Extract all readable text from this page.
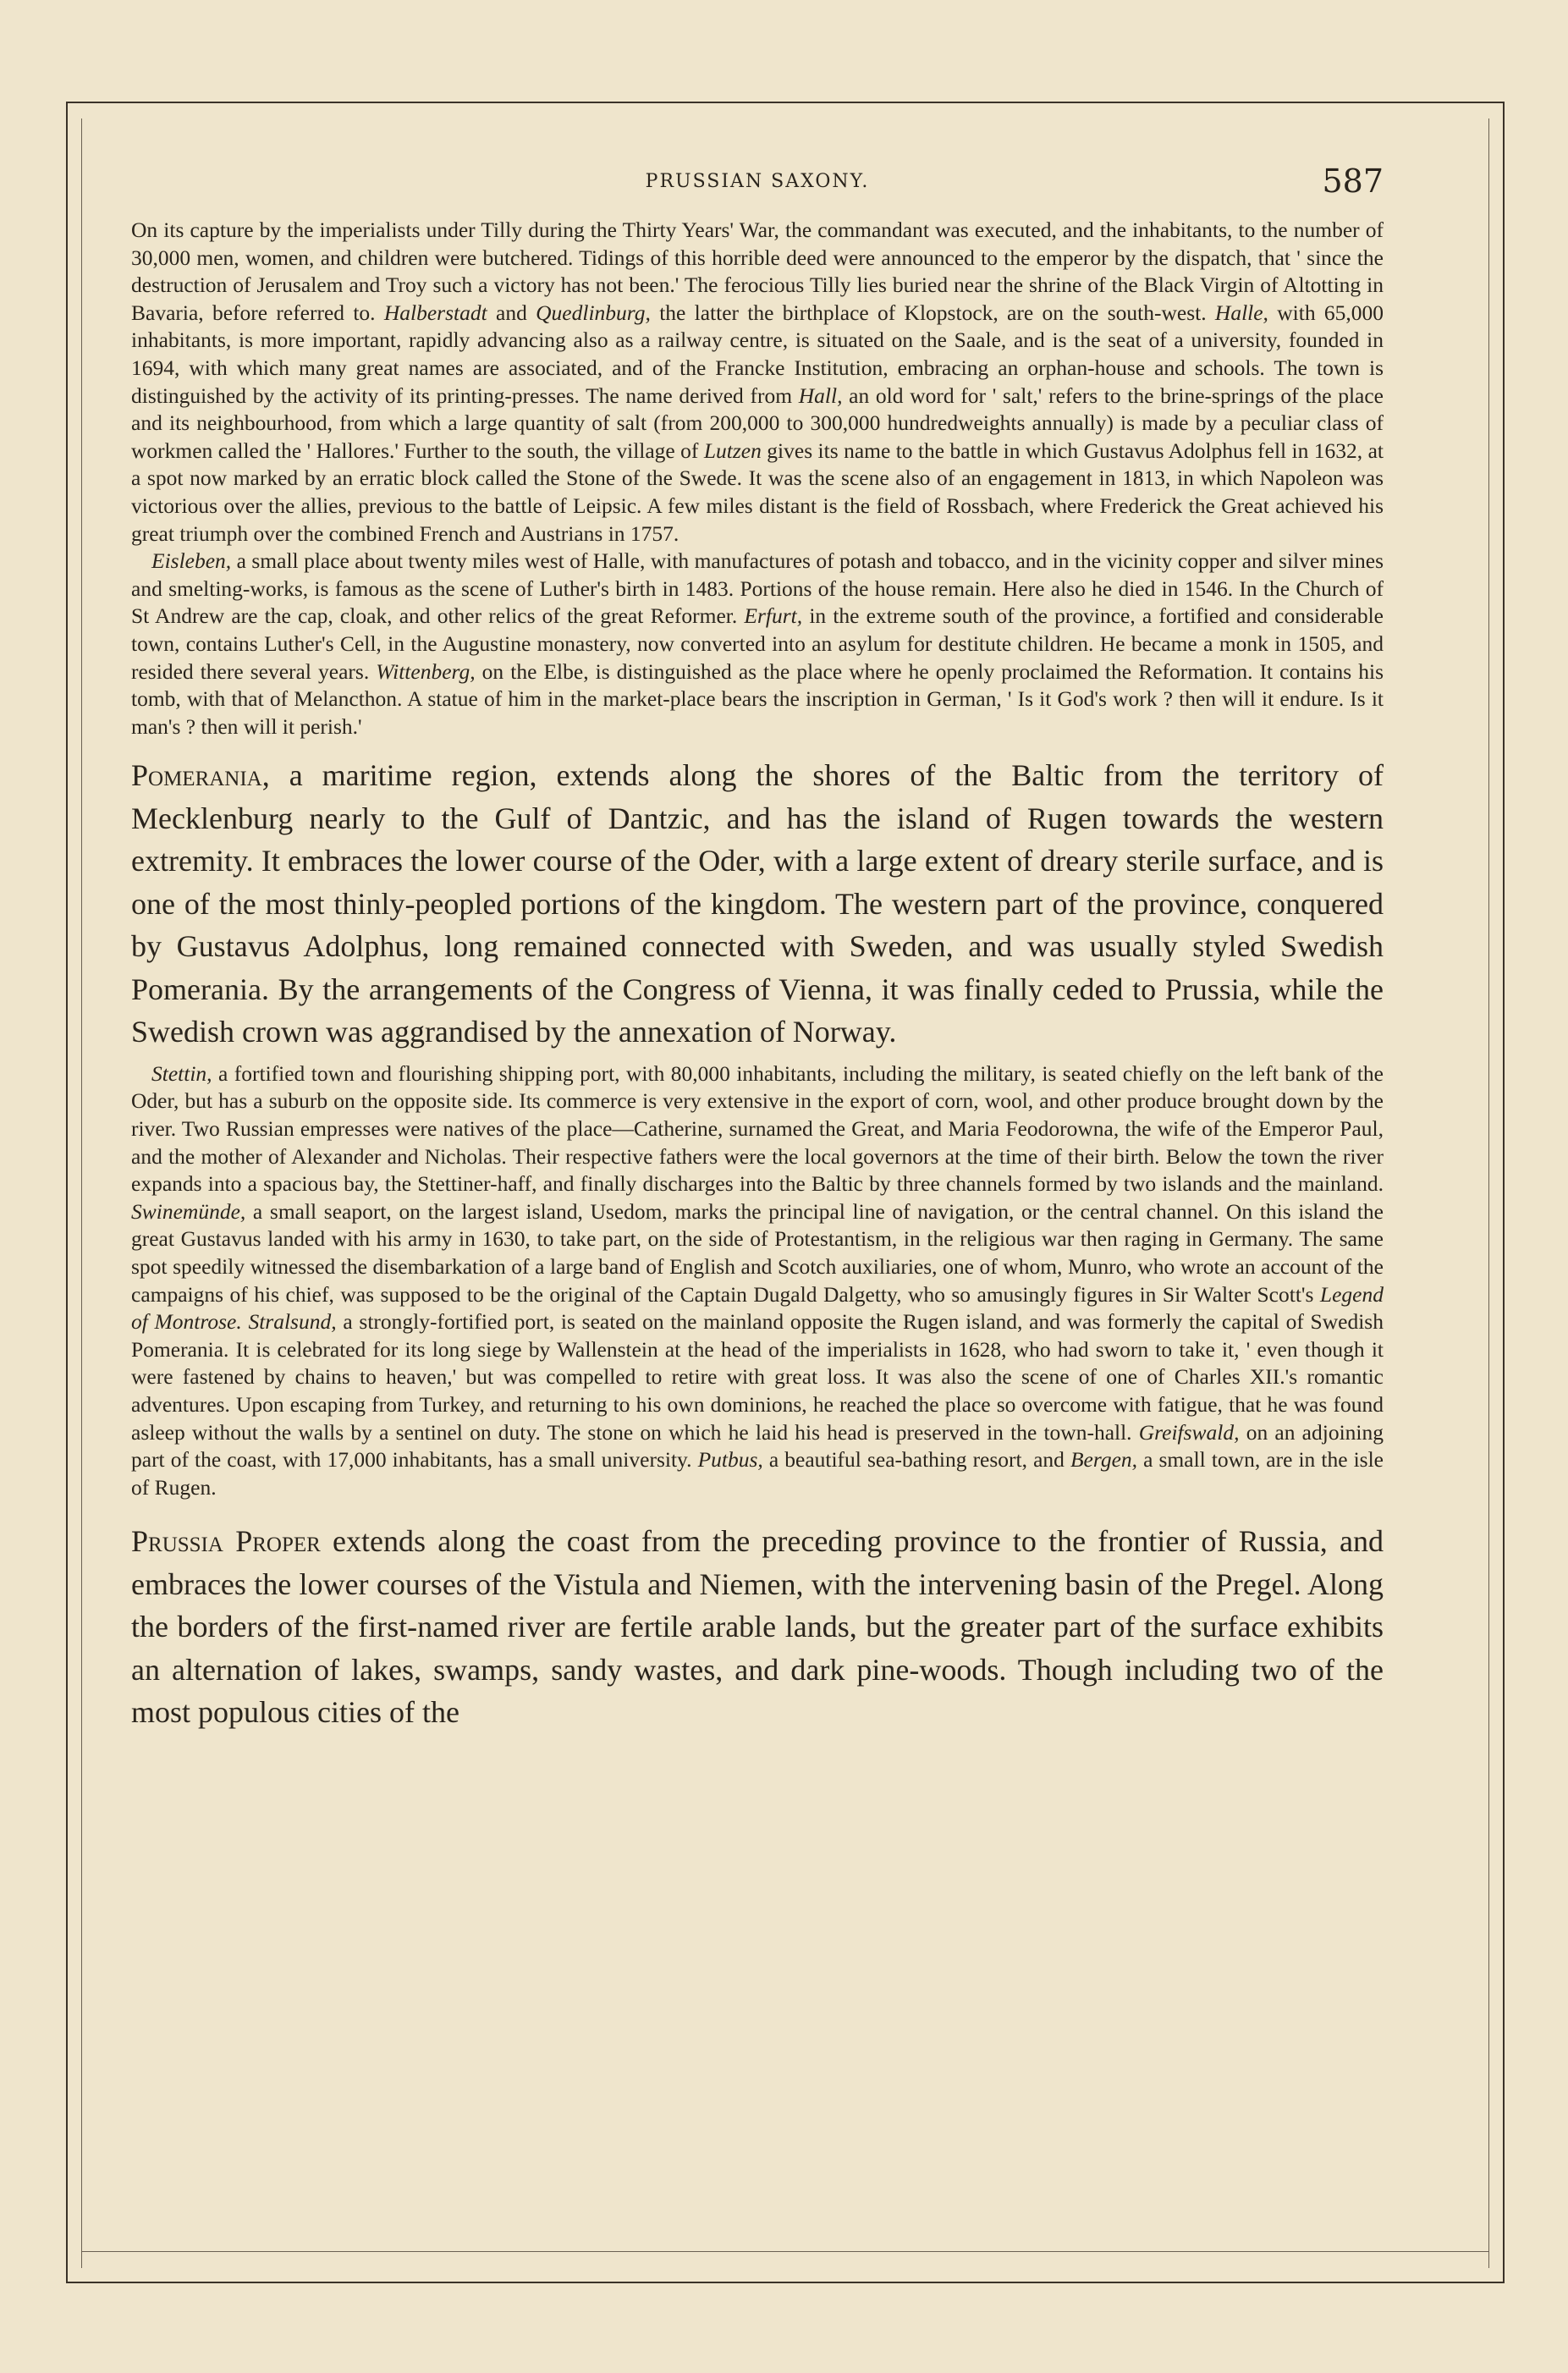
PRUSSIAN SAXONY.	587

On its capture by the imperialists under Tilly during the Thirty Years' War, the commandant was executed, and the inhabitants, to the number of 30,000 men, women, and children were butchered. Tidings of this horrible deed were announced to the emperor by the dispatch, that ' since the destruction of Jerusalem and Troy such a victory has not been.' The ferocious Tilly lies buried near the shrine of the Black Virgin of Altotting in Bavaria, before referred to. Halberstadt and Quedlinburg, the latter the birthplace of Klopstock, are on the south-west. Halle, with 65,000 inhabitants, is more important, rapidly advancing also as a railway centre, is situated on the Saale, and is the seat of a university, founded in 1694, with which many great names are associated, and of the Francke Institution, embracing an orphan-house and schools. The town is distinguished by the activity of its printing-presses. The name derived from Hall, an old word for ' salt,' refers to the brine-springs of the place and its neighbourhood, from which a large quantity of salt (from 200,000 to 300,000 hundredweights annually) is made by a peculiar class of workmen called the ' Hallores.' Further to the south, the village of Lutzen gives its name to the battle in which Gustavus Adolphus fell in 1632, at a spot now marked by an erratic block called the Stone of the Swede. It was the scene also of an engagement in 1813, in which Napoleon was victorious over the allies, previous to the battle of Leipsic. A few miles distant is the field of Rossbach, where Frederick the Great achieved his great triumph over the combined French and Austrians in 1757.

Eisleben, a small place about twenty miles west of Halle, with manufactures of potash and tobacco, and in the vicinity copper and silver mines and smelting-works, is famous as the scene of Luther's birth in 1483. Portions of the house remain. Here also he died in 1546. In the Church of St Andrew are the cap, cloak, and other relics of the great Reformer. Erfurt, in the extreme south of the province, a fortified and considerable town, contains Luther's Cell, in the Augustine monastery, now converted into an asylum for destitute children. He became a monk in 1505, and resided there several years. Wittenberg, on the Elbe, is distinguished as the place where he openly proclaimed the Reformation. It contains his tomb, with that of Melancthon. A statue of him in the market-place bears the inscription in German, ' Is it God's work ? then will it endure. Is it man's ? then will it perish.'

Pomerania, a maritime region, extends along the shores of the Baltic from the territory of Mecklenburg nearly to the Gulf of Dantzic, and has the island of Rugen towards the western extremity. It embraces the lower course of the Oder, with a large extent of dreary sterile surface, and is one of the most thinly-peopled portions of the kingdom. The western part of the province, conquered by Gustavus Adolphus, long remained connected with Sweden, and was usually styled Swedish Pomerania. By the arrangements of the Congress of Vienna, it was finally ceded to Prussia, while the Swedish crown was aggrandised by the annexation of Norway.

Stettin, a fortified town and flourishing shipping port, with 80,000 inhabitants, including the military, is seated chiefly on the left bank of the Oder, but has a suburb on the opposite side. Its commerce is very extensive in the export of corn, wool, and other produce brought down by the river. Two Russian empresses were natives of the place—Catherine, surnamed the Great, and Maria Feodorowna, the wife of the Emperor Paul, and the mother of Alexander and Nicholas. Their respective fathers were the local governors at the time of their birth. Below the town the river expands into a spacious bay, the Stettiner-haff, and finally discharges into the Baltic by three channels formed by two islands and the mainland. Swinemünde, a small seaport, on the largest island, Usedom, marks the principal line of navigation, or the central channel. On this island the great Gustavus landed with his army in 1630, to take part, on the side of Protestantism, in the religious war then raging in Germany. The same spot speedily witnessed the disembarkation of a large band of English and Scotch auxiliaries, one of whom, Munro, who wrote an account of the campaigns of his chief, was supposed to be the original of the Captain Dugald Dalgetty, who so amusingly figures in Sir Walter Scott's Legend of Montrose. Stralsund, a strongly-fortified port, is seated on the mainland opposite the Rugen island, and was formerly the capital of Swedish Pomerania. It is celebrated for its long siege by Wallenstein at the head of the imperialists in 1628, who had sworn to take it, ' even though it were fastened by chains to heaven,' but was compelled to retire with great loss. It was also the scene of one of Charles XII.'s romantic adventures. Upon escaping from Turkey, and returning to his own dominions, he reached the place so overcome with fatigue, that he was found asleep without the walls by a sentinel on duty. The stone on which he laid his head is preserved in the town-hall. Greifswald, on an adjoining part of the coast, with 17,000 inhabitants, has a small university. Putbus, a beautiful sea-bathing resort, and Bergen, a small town, are in the isle of Rugen.

Prussia Proper extends along the coast from the preceding province to the frontier of Russia, and embraces the lower courses of the Vistula and Niemen, with the intervening basin of the Pregel. Along the borders of the first-named river are fertile arable lands, but the greater part of the surface exhibits an alternation of lakes, swamps, sandy wastes, and dark pine-woods. Though including two of the most populous cities of the
